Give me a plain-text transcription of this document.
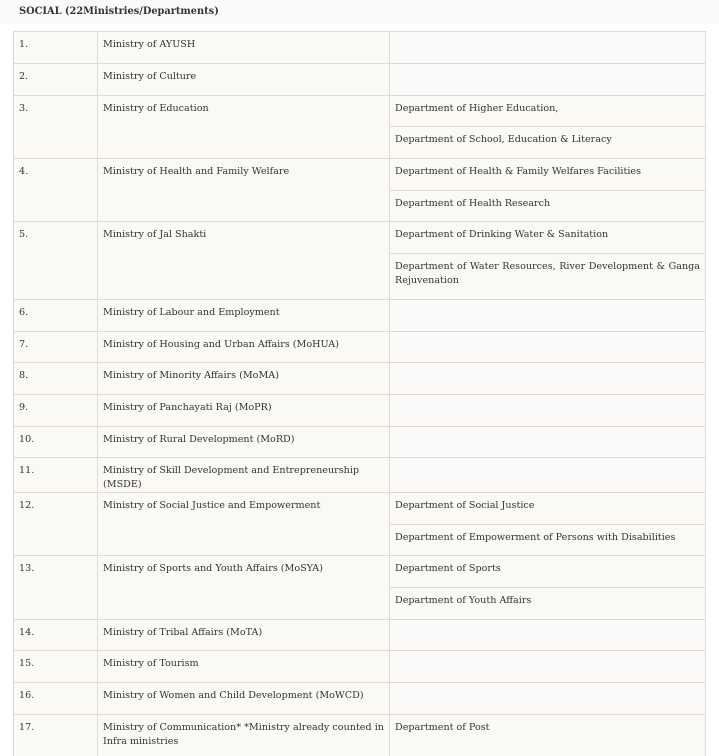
SOCIAL (22Ministries/Departments)
1.	Ministry of AYUSH	
2.	Ministry of Culture	
3.	Ministry of Education	Department of Higher Education,
		Department of School, Education & Literacy
4.	Ministry of Health and Family Welfare	Department of Health & Family Welfares Facilities
		Department of Health Research
5.	Ministry of Jal Shakti	Department of Drinking Water & Sanitation
		Department of Water Resources, River Development & Ganga Rejuvenation
6.	Ministry of Labour and Employment	
7.	Ministry of Housing and Urban Affairs (MoHUA)	
8.	Ministry of Minority Affairs (MoMA)	
9.	Ministry of Panchayati Raj (MoPR)	
10.	Ministry of Rural Development (MoRD)	
11.	Ministry of Skill Development and Entrepreneurship (MSDE)	
12.	Ministry of Social Justice and Empowerment	Department of Social Justice
		Department of Empowerment of Persons with Disabilities
13.	Ministry of Sports and Youth Affairs (MoSYA)	Department of Sports
		Department of Youth Affairs
14.	Ministry of Tribal Affairs (MoTA)	
15.	Ministry of Tourism	
16.	Ministry of Women and Child Development (MoWCD)	
17.	Ministry of Communication* *Ministry already counted in Infra ministries	Department of Post
